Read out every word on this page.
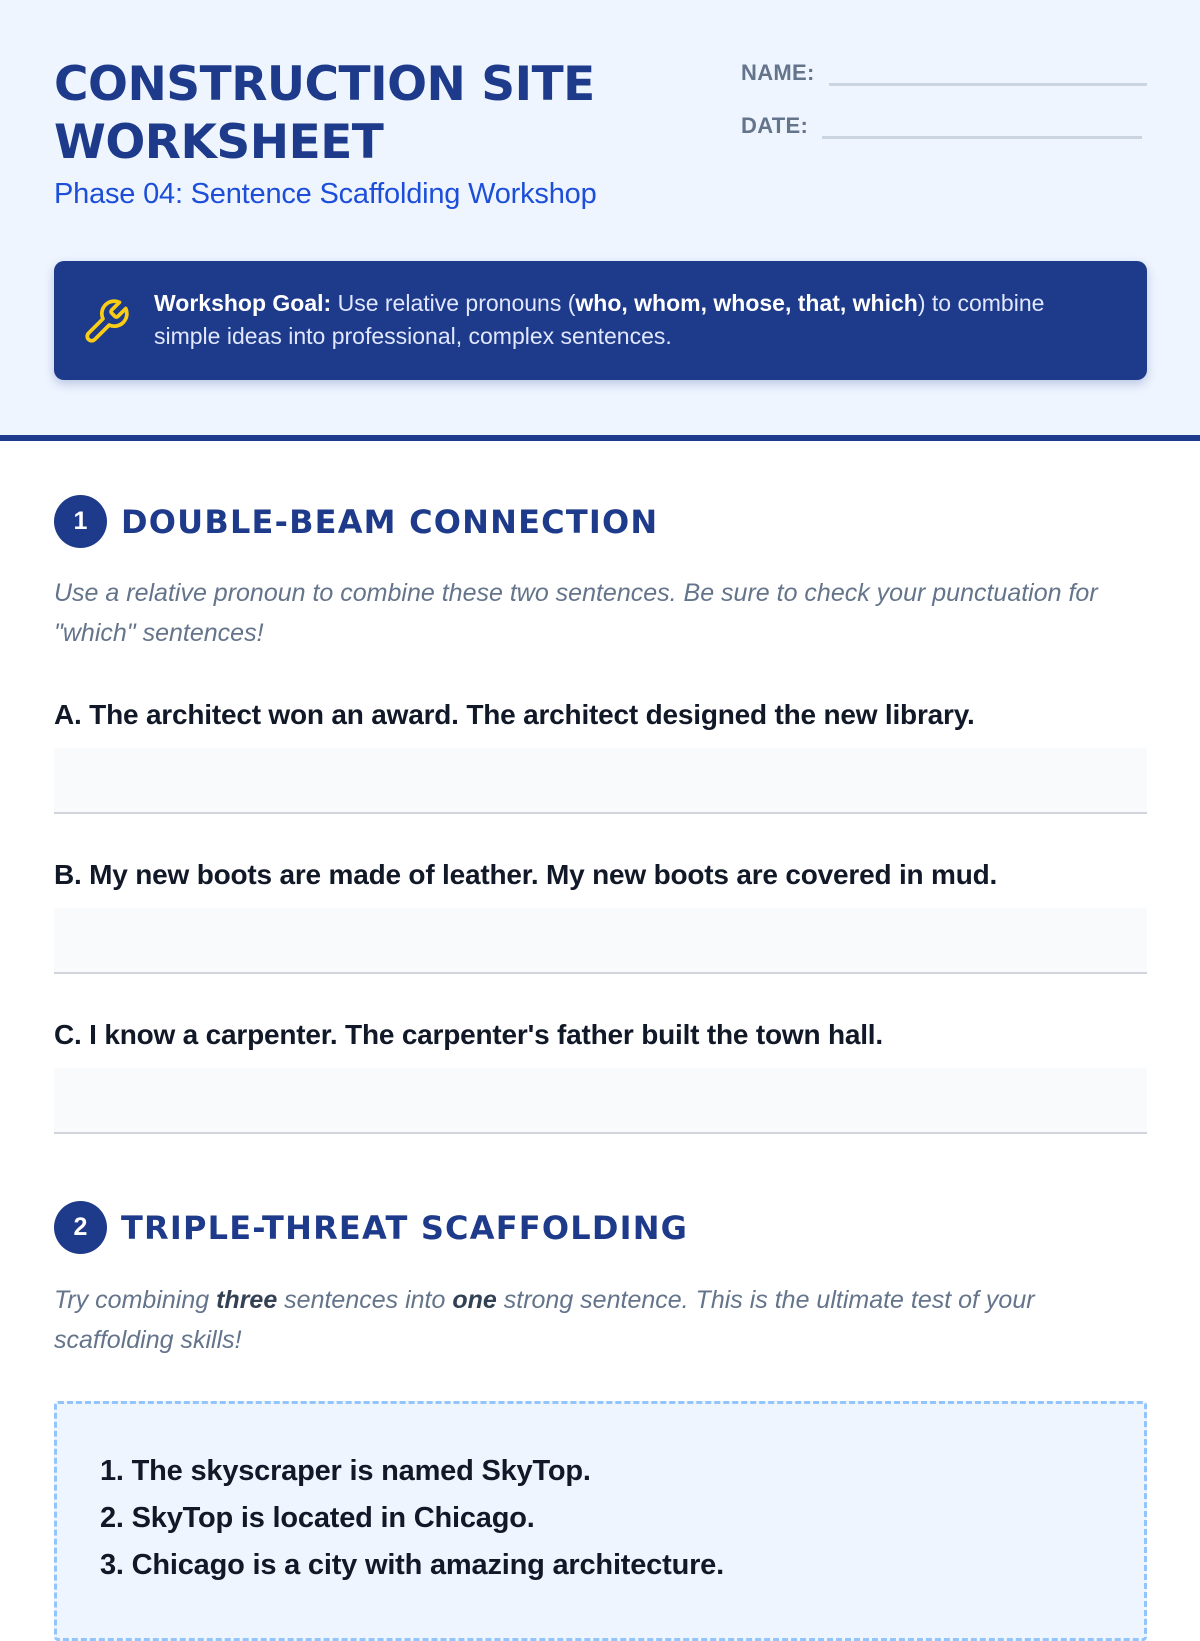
CONSTRUCTION SITE WORKSHEET
Phase 04: Sentence Scaffolding Workshop
NAME:
DATE:
Workshop Goal: Use relative pronouns (who, whom, whose, that, which) to combine simple ideas into professional, complex sentences.
1	DOUBLE-BEAM CONNECTION

Use a relative pronoun to combine these two sentences. Be sure to check your punctuation for "which" sentences!

A. The architect won an award. The architect designed the new library.
B. My new boots are made of leather. My new boots are covered in mud.
C. I know a carpenter. The carpenter's father built the town hall.
2	TRIPLE-THREAT SCAFFOLDING

Try combining three sentences into one strong sentence. This is the ultimate test of your scaffolding skills!

1. The skyscraper is named SkyTop.
2. SkyTop is located in Chicago.
3. Chicago is a city with amazing architecture.
